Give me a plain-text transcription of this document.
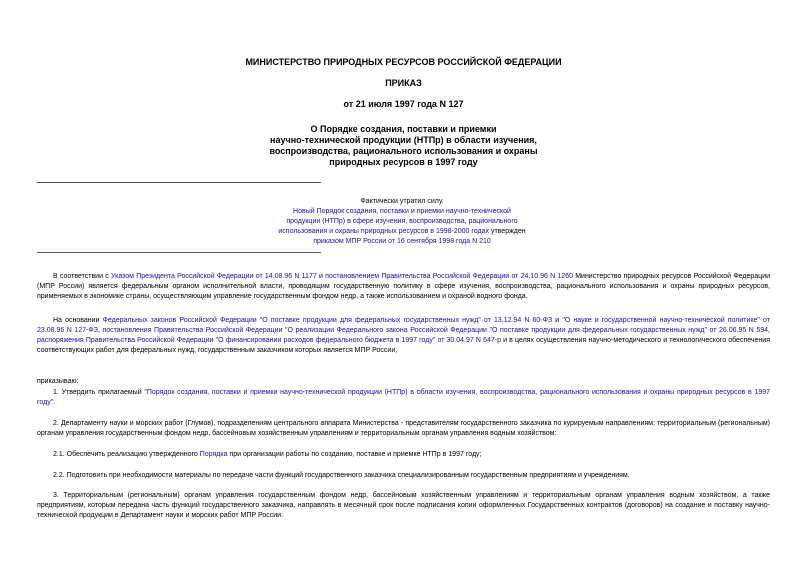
МИНИСТЕРСТВО ПРИРОДНЫХ РЕСУРСОВ РОССИЙСКОЙ ФЕДЕРАЦИИ
ПРИКАЗ
от 21 июля 1997 года N 127
О Порядке создания, поставки и приемки
научно-технической продукции (НТПр) в области изучения,
воспроизводства, рационального использования и охраны
природных ресурсов в 1997 году
Фактически утратил силу.
Новый Порядок создания, поставки и приемки научно-технической
продукции (НТПр) в сфере изучения, воспроизводства, рационального
использования и охраны природных ресурсов в 1998-2000 годах утвержден
приказом МПР России от 16 сентября 1998 года N 210

В соответствии с Указом Президента Российской Федерации от 14.08.96 N 1177 и постановлением Правительства Российской Федерации от 24.10.96 N 1260 Министерство природных ресурсов Российской Федерации (МПР России) является федеральным органом исполнительной власти, проводящим государственную политику в сфере изучения, воспроизводства, рационального использования и охраны природных ресурсов, применяемых в экономике страны, осуществляющим управление государственным фондом недр, а также использованием и охраной водного фонда.

На основании Федеральных законов Российской Федерации "О поставке продукции для федеральных государственных нужд" от 13.12.94 N 60-ФЗ и "О науке и государственной научно-технической политике" от 23.08.96 N 127-ФЗ, постановления Правительства Российской Федерации "О реализации Федерального закона Российской Федерации "О поставке продукции для федеральных государственных нужд" от 26.06.95 N 594, распоряжения Правительства Российской Федерации "О финансировании расходов федерального бюджета в 1997 году" от 30.04.97 N 647-р и в целях осуществления научно-методического и технологического обеспечения соответствующих работ для федеральных нужд, государственным заказчиком которых является МПР России,

приказываю:

1. Утвердить прилагаемый "Порядок создания, поставки и приемки научно-технической продукции (НТПр) в области изучения, воспроизводства, рационального использования и охраны природных ресурсов в 1997 году".

2. Департаменту науки и морских работ (Глумов), подразделениям центрального аппарата Министерства - представителям государственного заказчика по курируемым направлениям; территориальным (региональным) органам управления государственным фондом недр, бассейновым хозяйственным управлениям и территориальным органам управления водным хозяйством:

2.1. Обеспечить реализацию утвержденного Порядка при организации работы по созданию, поставке и приемке НТПр в 1997 году;

2.2. Подготовить при необходимости материалы по передаче части функций государственного заказчика специализированным государственным предприятиям и учреждениям.

3. Территориальным (региональным) органам управления государственным фондом недр, бассейновым хозяйственным управлениям и территориальным органам управления водным хозяйством, а также предприятиям, которым передана часть функций государственного заказчика, направлять в месячный срок после подписания копии оформленных Государственных контрактов (договоров) на создание и поставку научно-технической продукции в Департамент науки и морских работ МПР России.
